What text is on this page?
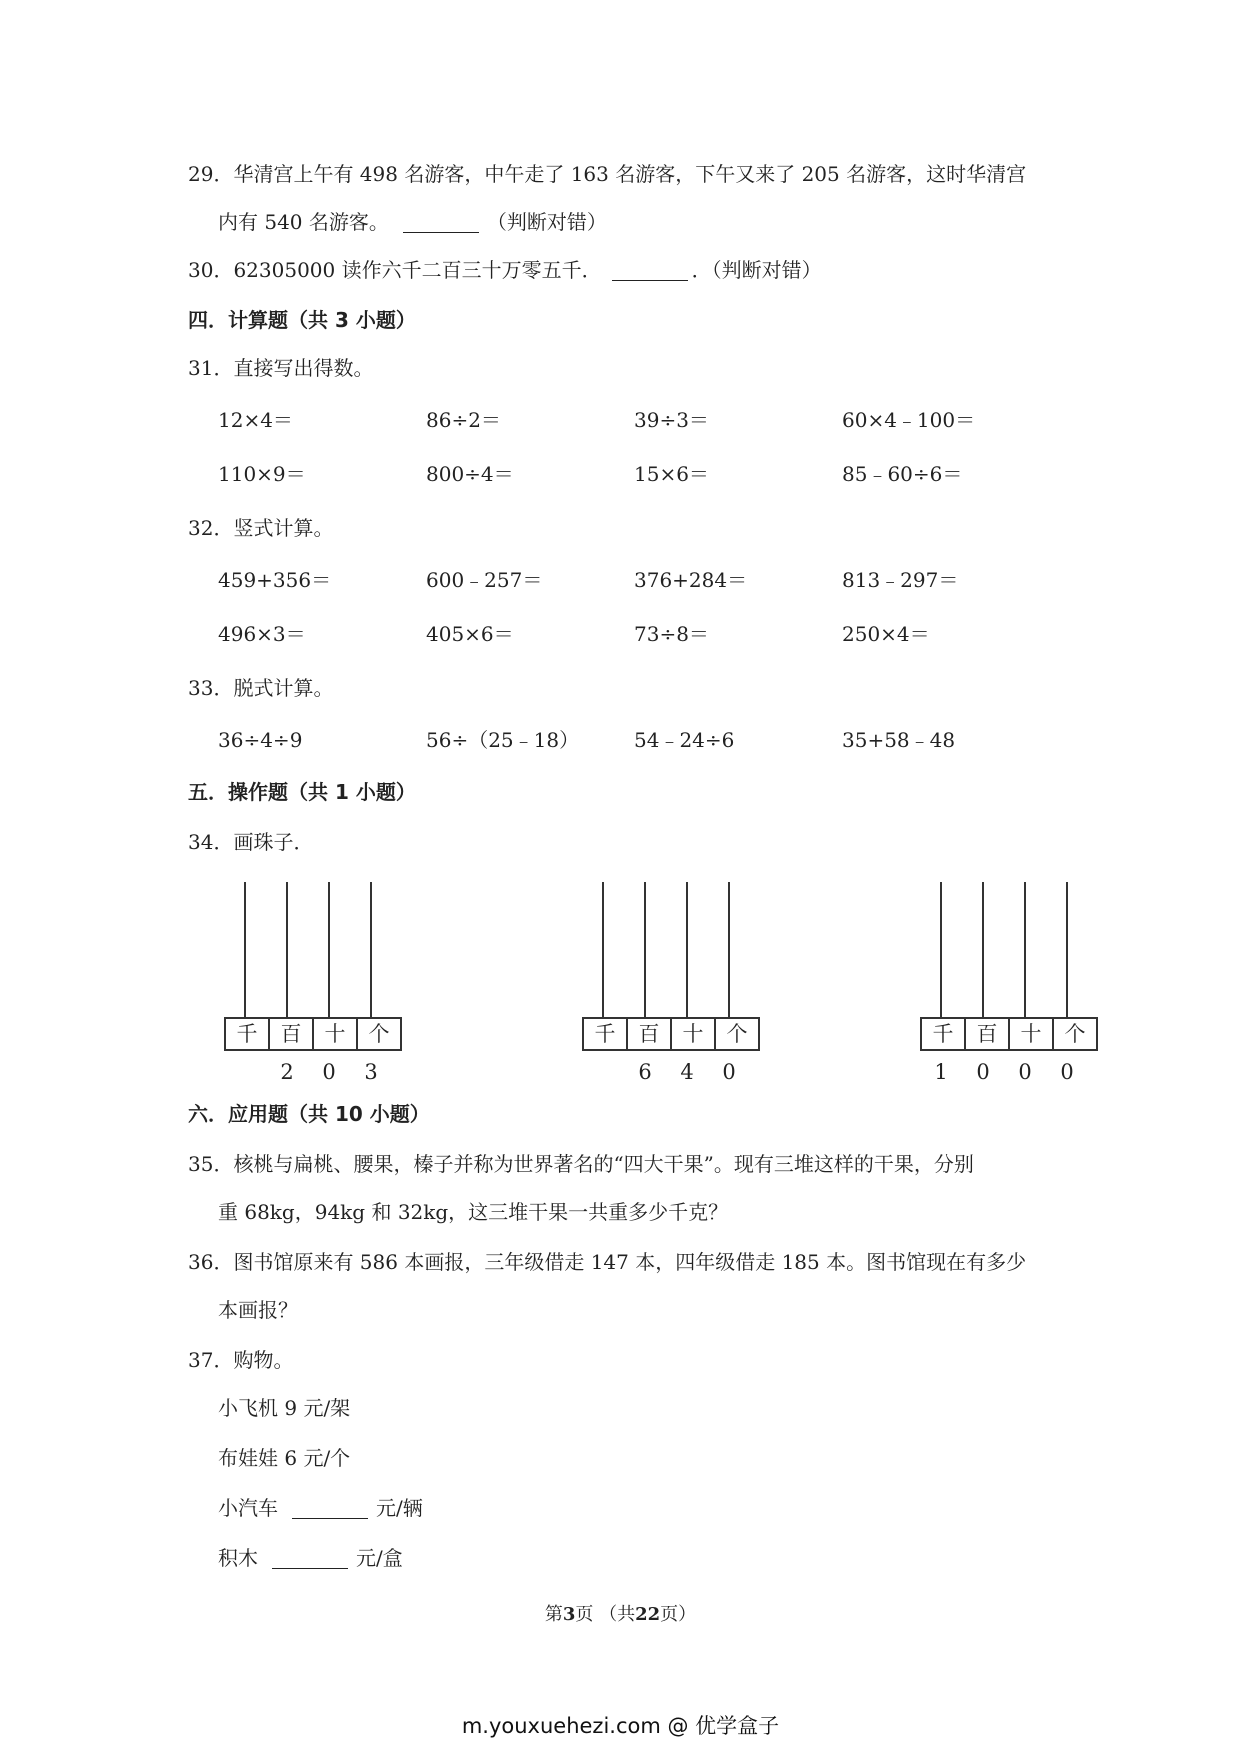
29．华清宫上午有 498 名游客，中午走了 163 名游客，下午又来了 205 名游客，这时华清宫
内有 540 名游客。	（判断对错）
30．62305000 读作六千二百三十万零五千．	．（判断对错）
四．计算题（共 3 小题）
31．直接写出得数。
12×4＝	86÷2＝	39÷3＝	60×4﹣100＝
110×9＝	800÷4＝	15×6＝	85﹣60÷6＝
32．竖式计算。
459+356＝	600﹣257＝	376+284＝	813﹣297＝
496×3＝	405×6＝	73÷8＝	250×4＝
33．脱式计算。
36÷4÷9	56÷（25﹣18）	54﹣24÷6	35+58﹣48
五．操作题（共 1 小题）
34．画珠子．
千	百	十	个
2 0 3
千	百	十	个
6 4 0
千	百	十	个
1 0 0 0
六．应用题（共 10 小题）
35．核桃与扁桃、腰果，榛子并称为世界著名的“四大干果”。现有三堆这样的干果，分别
重 68kg，94kg 和 32kg，这三堆干果一共重多少千克？
36．图书馆原来有 586 本画报，三年级借走 147 本，四年级借走 185 本。图书馆现在有多少
本画报？
37．购物。
小飞机 9 元/架
布娃娃 6 元/个
小汽车	元/辆
积木	元/盒
第3页 （共22页）
m.youxuehezi.com @ 优学盒子
